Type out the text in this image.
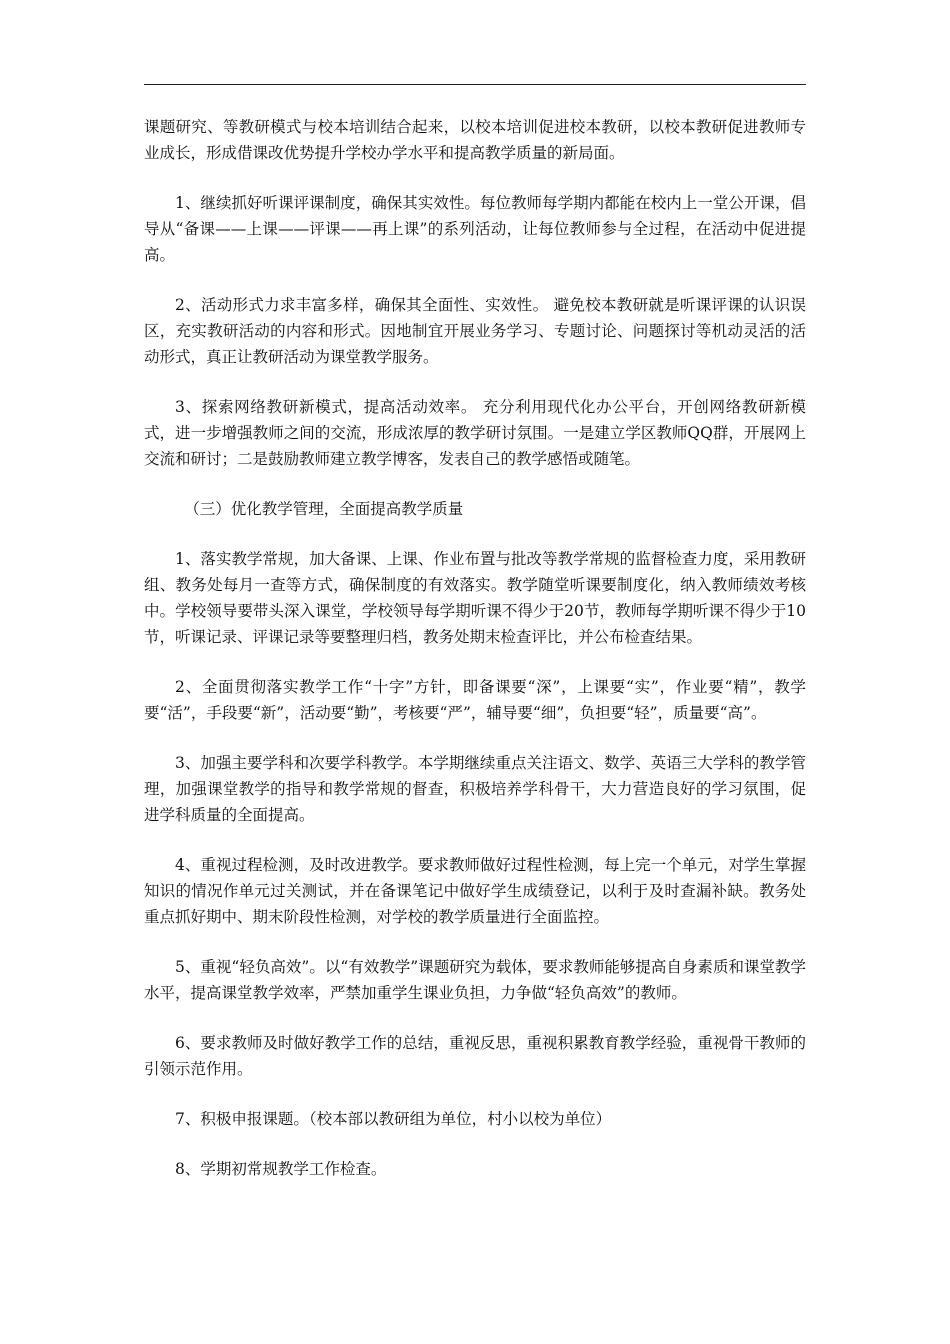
课题研究、等教研模式与校本培训结合起来，以校本培训促进校本教研，以校本教研促进教师专业成长，形成借课改优势提升学校办学水平和提高教学质量的新局面。

1、继续抓好听课评课制度，确保其实效性。每位教师每学期内都能在校内上一堂公开课，倡导从“备课——上课——评课——再上课”的系列活动，让每位教师参与全过程，在活动中促进提高。

2、活动形式力求丰富多样，确保其全面性、实效性。 避免校本教研就是听课评课的认识误区，充实教研活动的内容和形式。因地制宜开展业务学习、专题讨论、问题探讨等机动灵活的活动形式，真正让教研活动为课堂教学服务。

3、探索网络教研新模式，提高活动效率。 充分利用现代化办公平台，开创网络教研新模式，进一步增强教师之间的交流，形成浓厚的教学研讨氛围。一是建立学区教师QQ群，开展网上交流和研讨；二是鼓励教师建立教学博客，发表自己的教学感悟或随笔。

（三）优化教学管理，全面提高教学质量

1、落实教学常规，加大备课、上课、作业布置与批改等教学常规的监督检查力度，采用教研组、教务处每月一查等方式，确保制度的有效落实。教学随堂听课要制度化，纳入教师绩效考核中。学校领导要带头深入课堂，学校领导每学期听课不得少于20节，教师每学期听课不得少于10节，听课记录、评课记录等要整理归档，教务处期末检查评比，并公布检查结果。

2、全面贯彻落实教学工作“十字”方针，即备课要“深”，上课要“实”，作业要“精”，教学要“活”，手段要“新”，活动要“勤”，考核要“严”，辅导要“细”，负担要“轻”，质量要“高”。

3、加强主要学科和次要学科教学。本学期继续重点关注语文、数学、英语三大学科的教学管理，加强课堂教学的指导和教学常规的督查，积极培养学科骨干，大力营造良好的学习氛围，促进学科质量的全面提高。

4、重视过程检测，及时改进教学。要求教师做好过程性检测，每上完一个单元，对学生掌握知识的情况作单元过关测试，并在备课笔记中做好学生成绩登记，以利于及时查漏补缺。教务处重点抓好期中、期末阶段性检测，对学校的教学质量进行全面监控。

5、重视“轻负高效”。以“有效教学”课题研究为载体，要求教师能够提高自身素质和课堂教学水平，提高课堂教学效率，严禁加重学生课业负担，力争做“轻负高效”的教师。

6、要求教师及时做好教学工作的总结，重视反思，重视积累教育教学经验，重视骨干教师的引领示范作用。

7、积极申报课题。（校本部以教研组为单位，村小以校为单位）

8、学期初常规教学工作检查。
